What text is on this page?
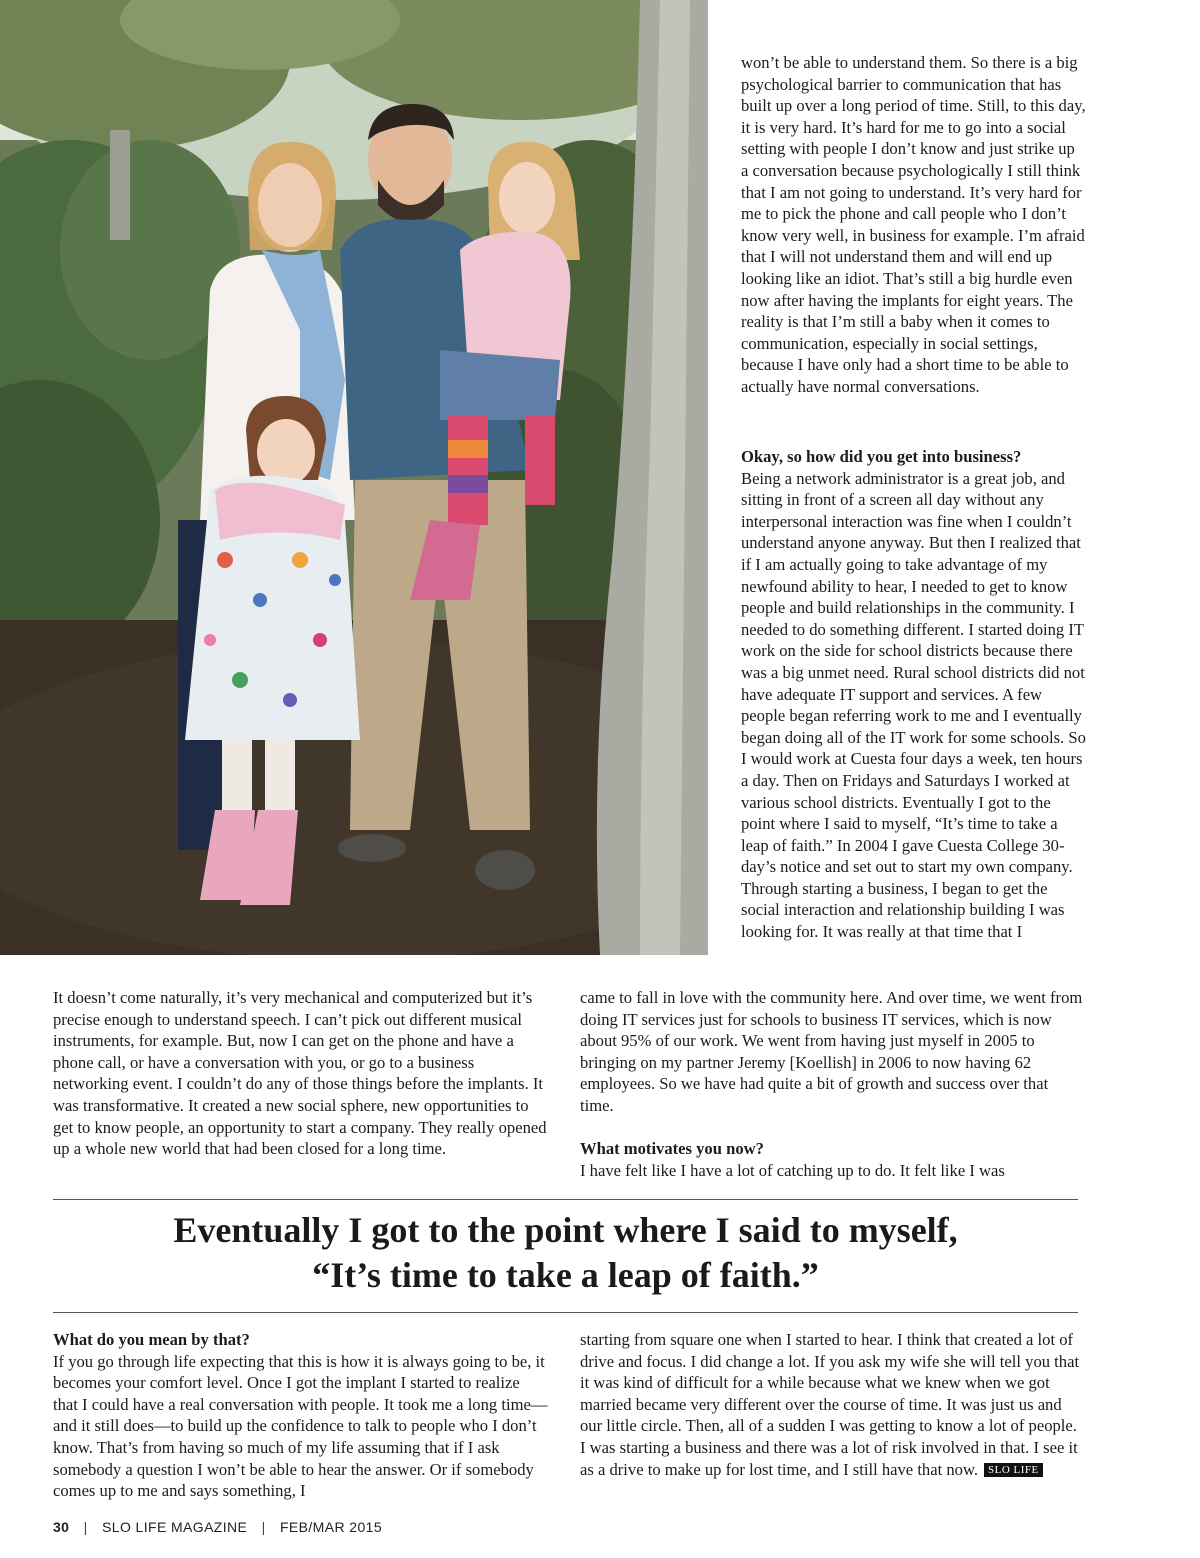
won’t be able to understand them. So there is a big psychological barrier to communication that has built up over a long period of time. Still, to this day, it is very hard. It’s hard for me to go into a social setting with people I don’t know and just strike up a conversation because psychologically I still think that I am not going to understand. It’s very hard for me to pick the phone and call people who I don’t know very well, in business for example. I’m afraid that I will not understand them and will end up looking like an idiot. That’s still a big hurdle even now after having the implants for eight years. The reality is that I’m still a baby when it comes to communication, especially in social settings, because I have only had a short time to be able to actually have normal conversations.

Okay, so how did you get into business?

Being a network administrator is a great job, and sitting in front of a screen all day without any interpersonal interaction was fine when I couldn’t understand anyone anyway. But then I realized that if I am actually going to take advantage of my newfound ability to hear, I needed to get to know people and build relationships in the community. I needed to do something different. I started doing IT work on the side for school districts because there was a big unmet need. Rural school districts did not have adequate IT support and services. A few people began referring work to me and I eventually began doing all of the IT work for some schools. So I would work at Cuesta four days a week, ten hours a day. Then on Fridays and Saturdays I worked at various school districts. Eventually I got to the point where I said to myself, “It’s time to take a leap of faith.” In 2004 I gave Cuesta College 30-day’s notice and set out to start my own company. Through starting a business, I began to get the social interaction and relationship building I was looking for. It was really at that time that I

It doesn’t come naturally, it’s very mechanical and computerized but it’s precise enough to understand speech. I can’t pick out different musical instruments, for example. But, now I can get on the phone and have a phone call, or have a conversation with you, or go to a business networking event. I couldn’t do any of those things before the implants. It was transformative. It created a new social sphere, new opportunities to get to know people, an opportunity to start a company. They really opened up a whole new world that had been closed for a long time.

came to fall in love with the community here. And over time, we went from doing IT services just for schools to business IT services, which is now about 95% of our work. We went from having just myself in 2005 to bringing on my partner Jeremy [Koellish] in 2006 to now having 62 employees. So we have had quite a bit of growth and success over that time.

What motivates you now?

I have felt like I have a lot of catching up to do. It felt like I was

Eventually I got to the point where I said to myself,
“It’s time to take a leap of faith.”

What do you mean by that?

If you go through life expecting that this is how it is always going to be, it becomes your comfort level. Once I got the implant I started to realize that I could have a real conversation with people. It took me a long time—and it still does—to build up the confidence to talk to people who I don’t know. That’s from having so much of my life assuming that if I ask somebody a question I won’t be able to hear the answer. Or if somebody comes up to me and says something, I

starting from square one when I started to hear. I think that created a lot of drive and focus. I did change a lot. If you ask my wife she will tell you that it was kind of difficult for a while because what we knew when we got married became very different over the course of time. It was just us and our little circle. Then, all of a sudden I was getting to know a lot of people. I was starting a business and there was a lot of risk involved in that. I see it as a drive to make up for lost time, and I still have that now. SLO LIFE

30 | SLO LIFE MAGAZINE | FEB/MAR 2015
